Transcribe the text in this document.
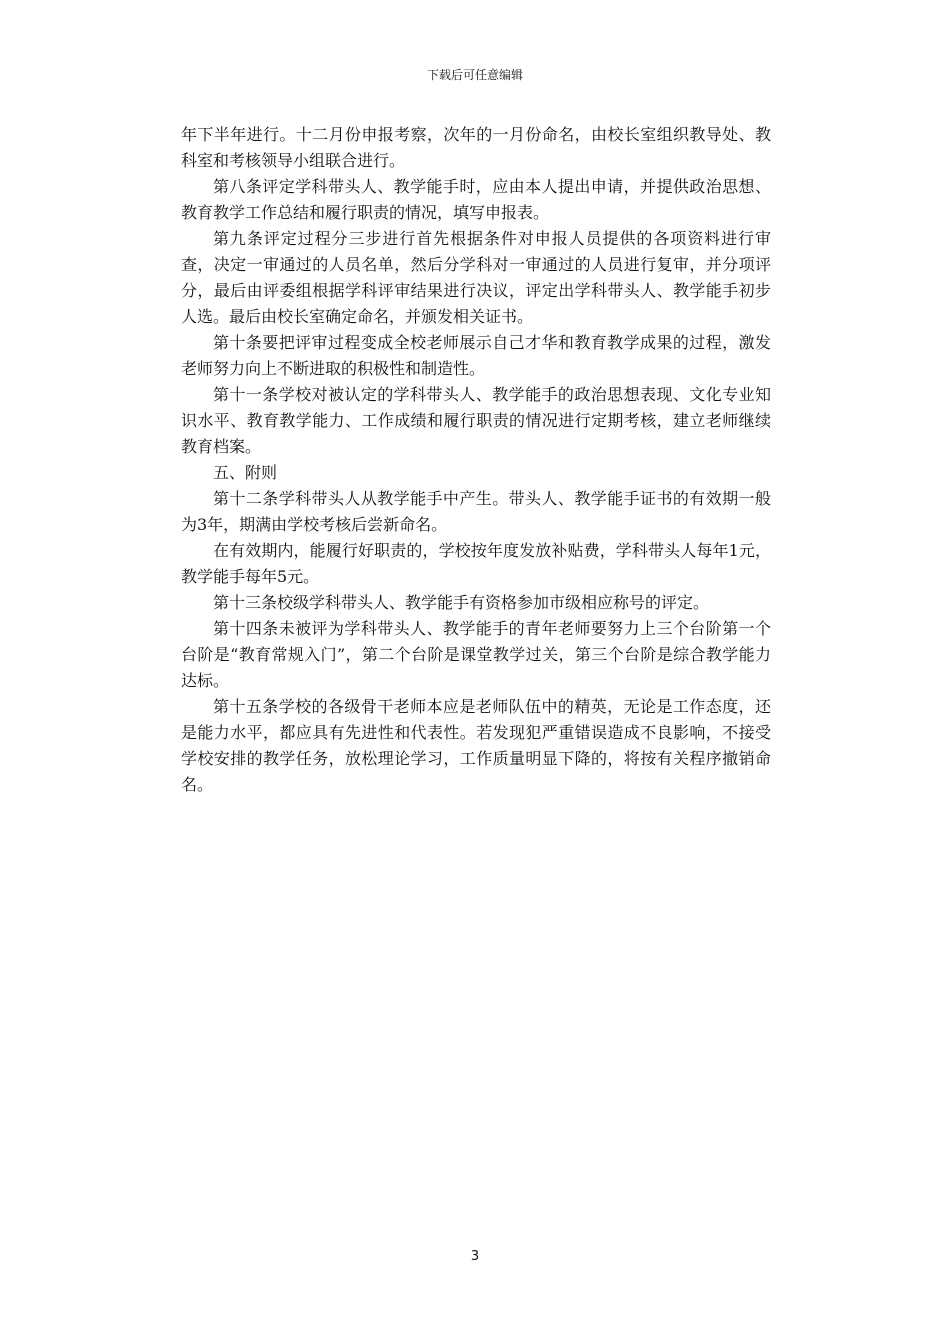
下载后可任意编辑

年下半年进行。十二月份申报考察，次年的一月份命名，由校长室组织教导处、教科室和考核领导小组联合进行。

第八条评定学科带头人、教学能手时，应由本人提出申请，并提供政治思想、教育教学工作总结和履行职责的情况，填写申报表。

第九条评定过程分三步进行首先根据条件对申报人员提供的各项资料进行审查，决定一审通过的人员名单，然后分学科对一审通过的人员进行复审，并分项评分，最后由评委组根据学科评审结果进行决议，评定出学科带头人、教学能手初步人选。最后由校长室确定命名，并颁发相关证书。

第十条要把评审过程变成全校老师展示自己才华和教育教学成果的过程，激发老师努力向上不断进取的积极性和制造性。

第十一条学校对被认定的学科带头人、教学能手的政治思想表现、文化专业知识水平、教育教学能力、工作成绩和履行职责的情况进行定期考核，建立老师继续教育档案。

五、附则

第十二条学科带头人从教学能手中产生。带头人、教学能手证书的有效期一般为3年，期满由学校考核后尝新命名。

在有效期内，能履行好职责的，学校按年度发放补贴费，学科带头人每年1元，教学能手每年5元。

第十三条校级学科带头人、教学能手有资格参加市级相应称号的评定。

第十四条未被评为学科带头人、教学能手的青年老师要努力上三个台阶第一个台阶是“教育常规入门”，第二个台阶是课堂教学过关，第三个台阶是综合教学能力达标。

第十五条学校的各级骨干老师本应是老师队伍中的精英，无论是工作态度，还是能力水平，都应具有先进性和代表性。若发现犯严重错误造成不良影响，不接受学校安排的教学任务，放松理论学习，工作质量明显下降的，将按有关程序撤销命名。

3
